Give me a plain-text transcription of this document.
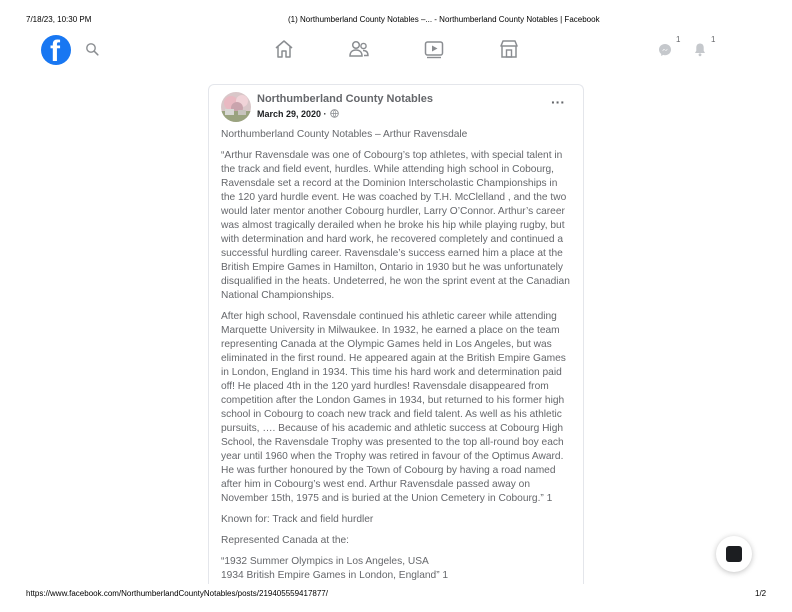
7/18/23, 10:30 PM	(1) Northumberland County Notables –... - Northumberland County Notables | Facebook
f	1	1
Northumberland County Notables
March 29, 2020 ·
···

Northumberland County Notables – Arthur Ravensdale

“Arthur Ravensdale was one of Cobourg’s top athletes, with special talent in the track and field event, hurdles. While attending high school in Cobourg, Ravensdale set a record at the Dominion Interscholastic Championships in the 120 yard hurdle event. He was coached by T.H. McClelland , and the two would later mentor another Cobourg hurdler, Larry O’Connor. Arthur’s career was almost tragically derailed when he broke his hip while playing rugby, but with determination and hard work, he recovered completely and continued a successful hurdling career. Ravensdale’s success earned him a place at the British Empire Games in Hamilton, Ontario in 1930 but he was unfortunately disqualified in the heats. Undeterred, he won the sprint event at the Canadian National Championships.

After high school, Ravensdale continued his athletic career while attending Marquette University in Milwaukee. In 1932, he earned a place on the team representing Canada at the Olympic Games held in Los Angeles, but was eliminated in the first round. He appeared again at the British Empire Games in London, England in 1934. This time his hard work and determination paid off! He placed 4th in the 120 yard hurdles! Ravensdale disappeared from competition after the London Games in 1934, but returned to his former high school in Cobourg to coach new track and field talent. As well as his athletic pursuits, …. Because of his academic and athletic success at Cobourg High School, the Ravensdale Trophy was presented to the top all-round boy each year until 1960 when the Trophy was retired in favour of the Optimus Award. He was further honoured by the Town of Cobourg by having a road named after him in Cobourg’s west end. Arthur Ravensdale passed away on November 15th, 1975 and is buried at the Union Cemetery in Cobourg.” 1

Known for: Track and field hurdler

Represented Canada at the:

“1932 Summer Olympics in Los Angeles, USA

1934 British Empire Games in London, England” 1

https://www.facebook.com/NorthumberlandCountyNotables/posts/219405559417877/	1/2
